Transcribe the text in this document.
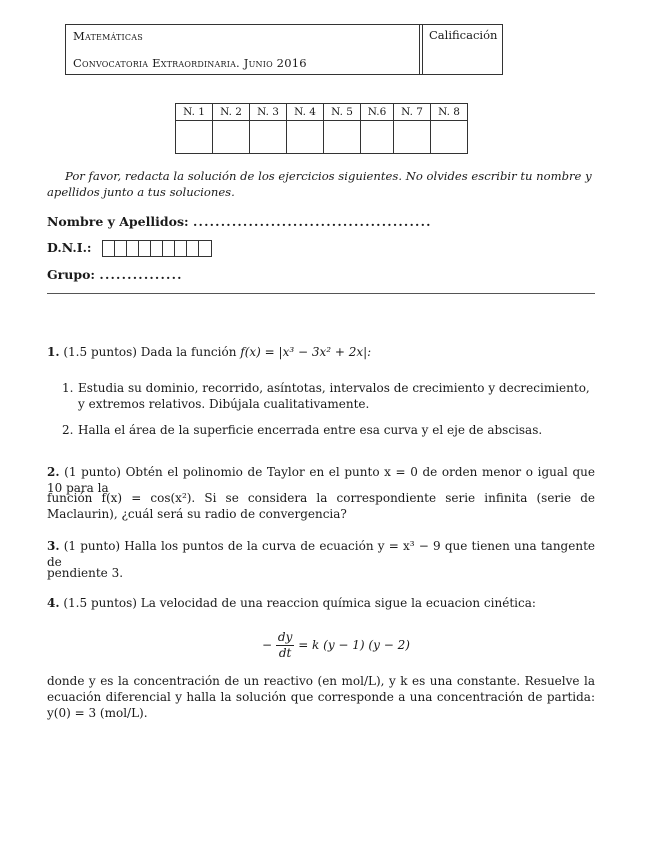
Matemáticas
Convocatoria Extraordinaria. Junio 2016
Calificación
N. 1	N. 2	N. 3	N. 4	N. 5	N.6	N. 7	N. 8

Por favor, redacta la solución de los ejercicios siguientes. No olvides escribir tu nombre y apellidos junto a tus soluciones.
Nombre y Apellidos: ...........................................
D.N.I.:
Grupo: ...............
1. (1.5 puntos) Dada la función f(x) = |x³ − 3x² + 2x|:
1. Estudia su dominio, recorrido, asíntotas, intervalos de crecimiento y decrecimiento, y extremos relativos. Dibújala cualitativamente.
2. Halla el área de la superficie encerrada entre esa curva y el eje de abscisas.
2. (1 punto) Obtén el polinomio de Taylor en el punto x = 0 de orden menor o igual que 10 para la
función f(x) = cos(x²). Si se considera la correspondiente serie infinita (serie de Maclaurin), ¿cuál será su radio de convergencia?
3. (1 punto) Halla los puntos de la curva de ecuación y = x³ − 9 que tienen una tangente de
pendiente 3.
4. (1.5 puntos) La velocidad de una reaccion química sigue la ecuacion cinética:
− $\frac{dy}{dt} = k$ (y − 1) (y − 2)
donde y es la concentración de un reactivo (en mol/L), y k es una constante. Resuelve la ecuación diferencial y halla la solución que corresponde a una concentración de partida: y(0) = 3 (mol/L).
